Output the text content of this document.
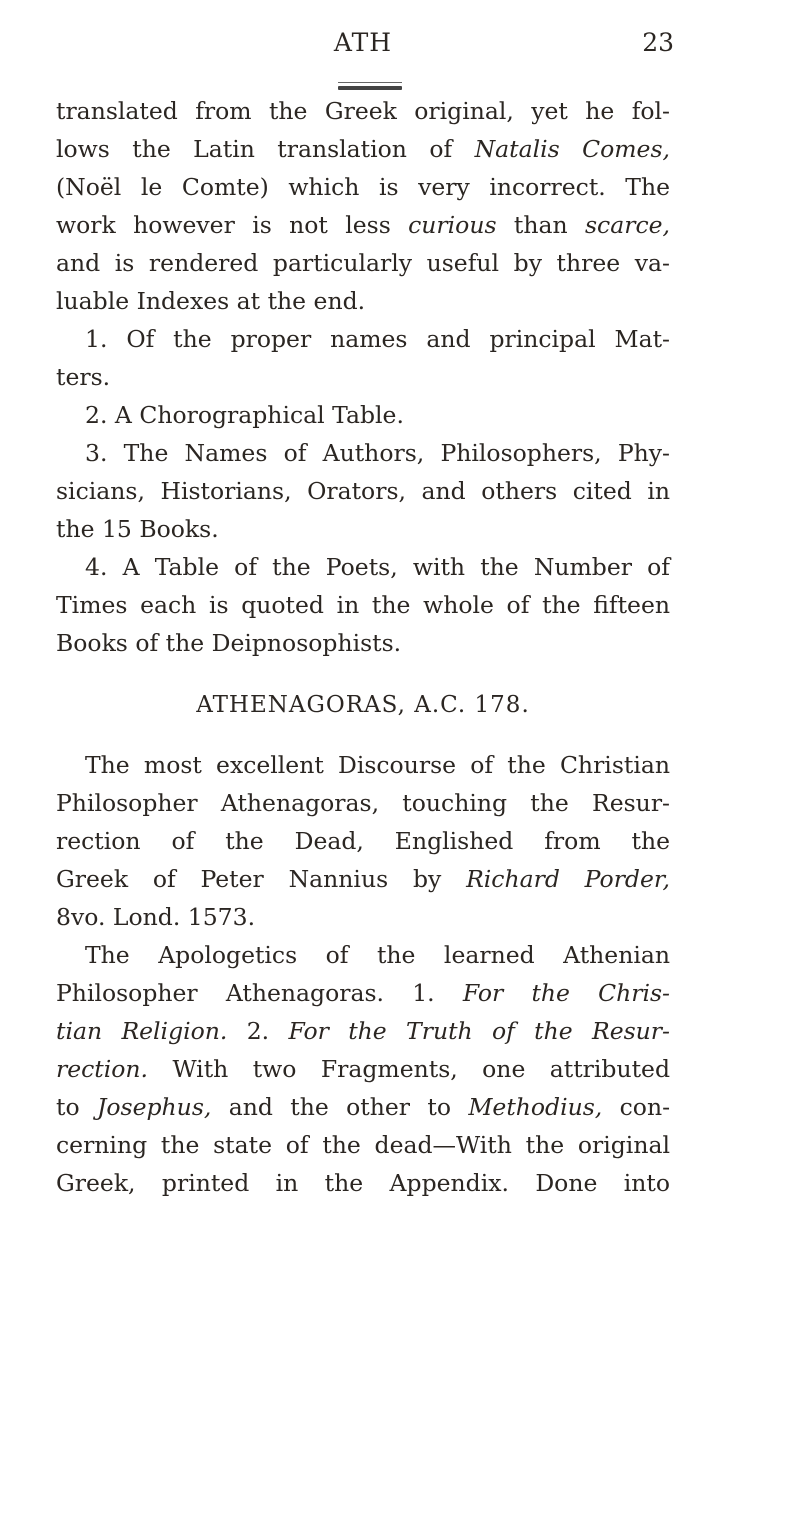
ATH	23

translated from the Greek original, yet he fol-
lows the Latin translation of Natalis Comes,
(Noël le Comte) which is very incorrect. The
work however is not less curious than scarce,
and is rendered particularly useful by three va-
luable Indexes at the end.

1. Of the proper names and principal Mat-

ters.

2. A Chorographical Table.

3. The Names of Authors, Philosophers, Phy-

sicians, Historians, Orators, and others cited in
the 15 Books.

4. A Table of the Poets, with the Number of

Times each is quoted in the whole of the fifteen
Books of the Deipnosophists.

ATHENAGORAS, A.C. 178.

The most excellent Discourse of the Christian

Philosopher Athenagoras, touching the Resur-
rection of the Dead, Englished from the
Greek of Peter Nannius by Richard Porder,
8vo. Lond. 1573.

The Apologetics of the learned Athenian

Philosopher Athenagoras. 1. For the Chris-
tian Religion. 2. For the Truth of the Resur-
rection. With two Fragments, one attributed
to Josephus, and the other to Methodius, con-
cerning the state of the dead—With the original
Greek, printed in the Appendix. Done into
